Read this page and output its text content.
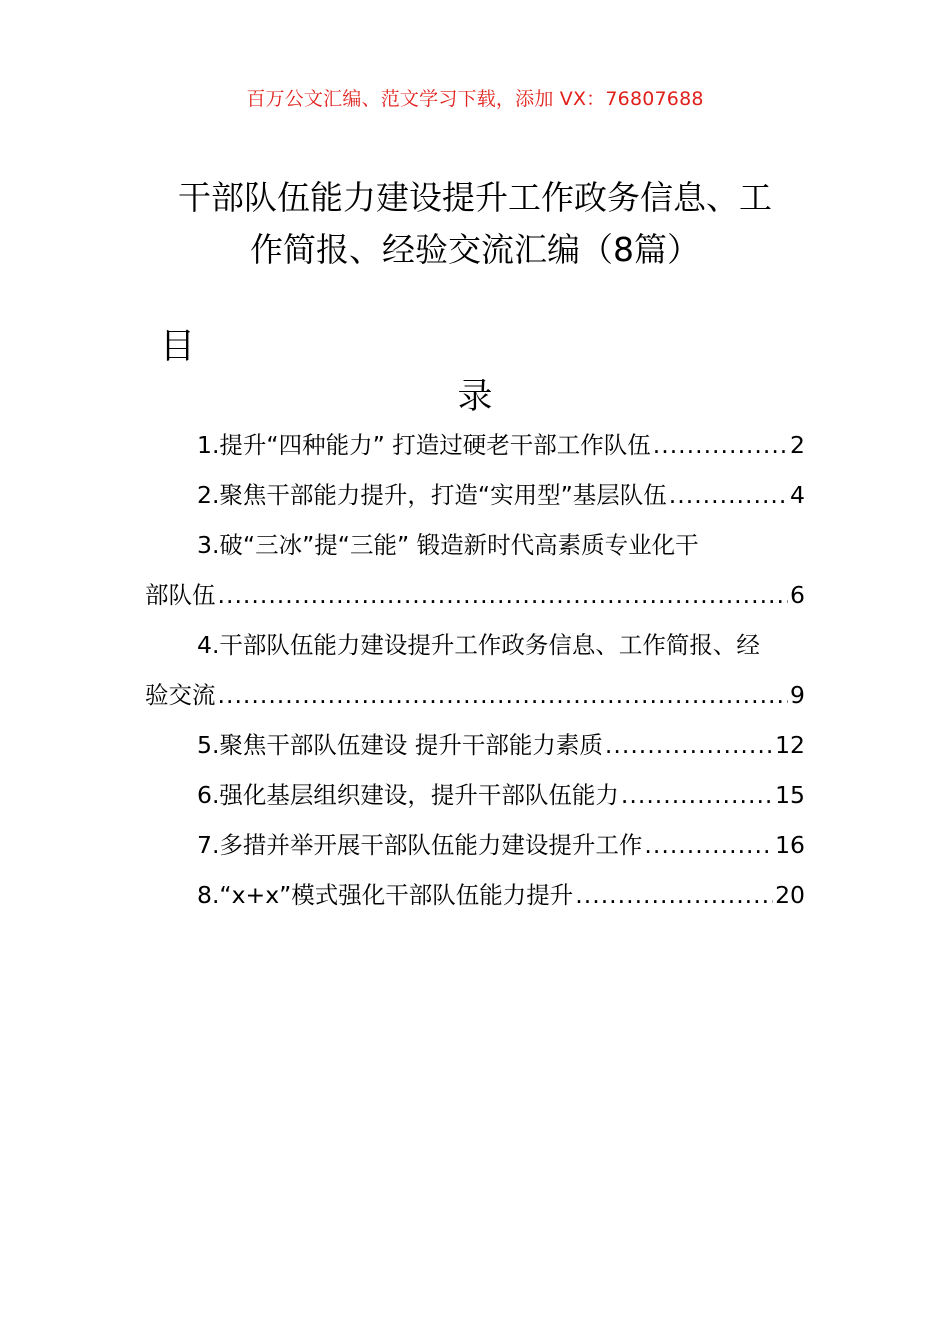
百万公文汇编、范文学习下载，添加 VX：76807688
干部队伍能力建设提升工作政务信息、工
作简报、经验交流汇编（8篇）
目
录
1.提升“四种能力” 打造过硬老干部工作队伍 .....	2
2.聚焦干部能力提升，打造“实用型”基层队伍 .....	4
3.破“三冰”提“三能” 锻造新时代高素质专业化干
部队伍 .....	6
4.干部队伍能力建设提升工作政务信息、工作简报、经
验交流 .....	9
5.聚焦干部队伍建设 提升干部能力素质 .....	12
6.强化基层组织建设，提升干部队伍能力 .....	15
7.多措并举开展干部队伍能力建设提升工作 .....	16
8.“x+x”模式强化干部队伍能力提升 .....	20
